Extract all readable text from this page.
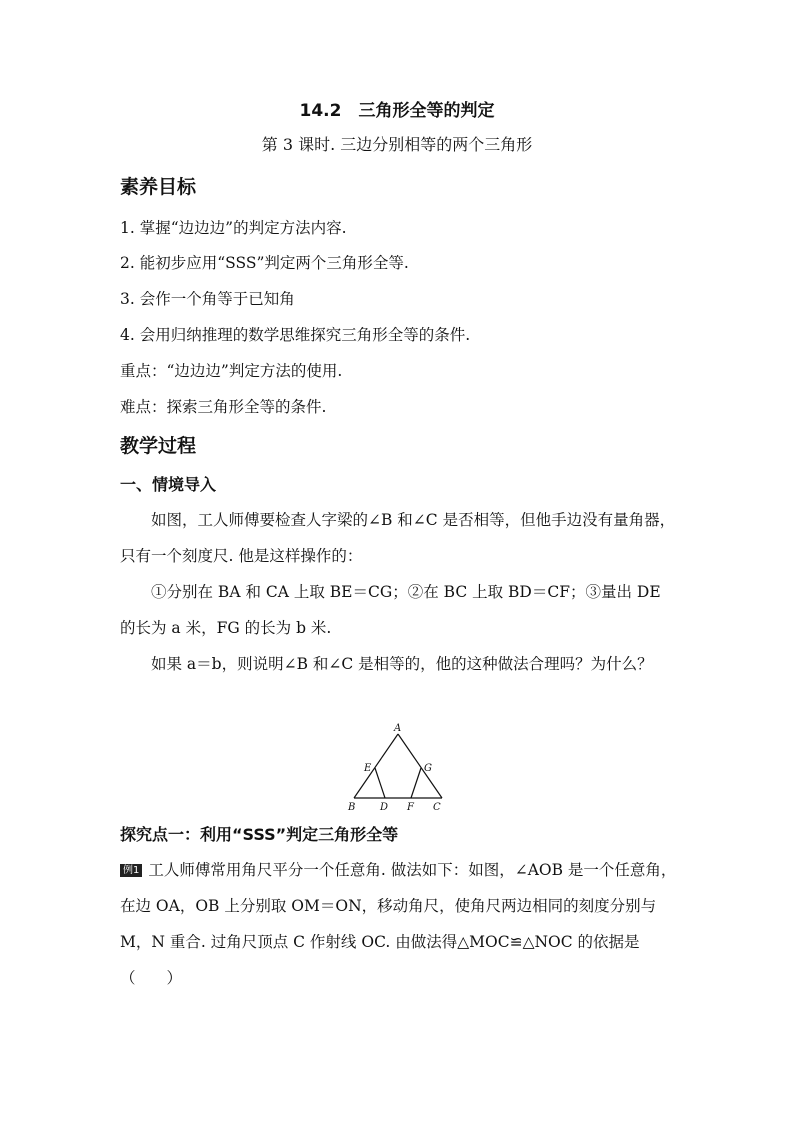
14.2　三角形全等的判定
第 3 课时. 三边分别相等的两个三角形
素养目标
1. 掌握“边边边”的判定方法内容.
2. 能初步应用“SSS”判定两个三角形全等.
3. 会作一个角等于已知角
4. 会用归纳推理的数学思维探究三角形全等的条件.
重点：“边边边”判定方法的使用.
难点：探索三角形全等的条件.
教学过程
一、情境导入
如图，工人师傅要检查人字梁的∠B 和∠C 是否相等，但他手边没有量角器，只有一个刻度尺. 他是这样操作的：
①分别在 BA 和 CA 上取 BE＝CG；②在 BC 上取 BD＝CF；③量出 DE 的长为 a 米，FG 的长为 b 米.
如果 a＝b，则说明∠B 和∠C 是相等的，他的这种做法合理吗？为什么？
A
E	G
B D F C
探究点一：利用“SSS”判定三角形全等
例1 工人师傅常用角尺平分一个任意角. 做法如下：如图，∠AOB 是一个任意角，在边 OA，OB 上分别取 OM＝ON，移动角尺，使角尺两边相同的刻度分别与 M，N 重合. 过角尺顶点 C 作射线 OC. 由做法得△MOC≌△NOC 的依据是（　　）
